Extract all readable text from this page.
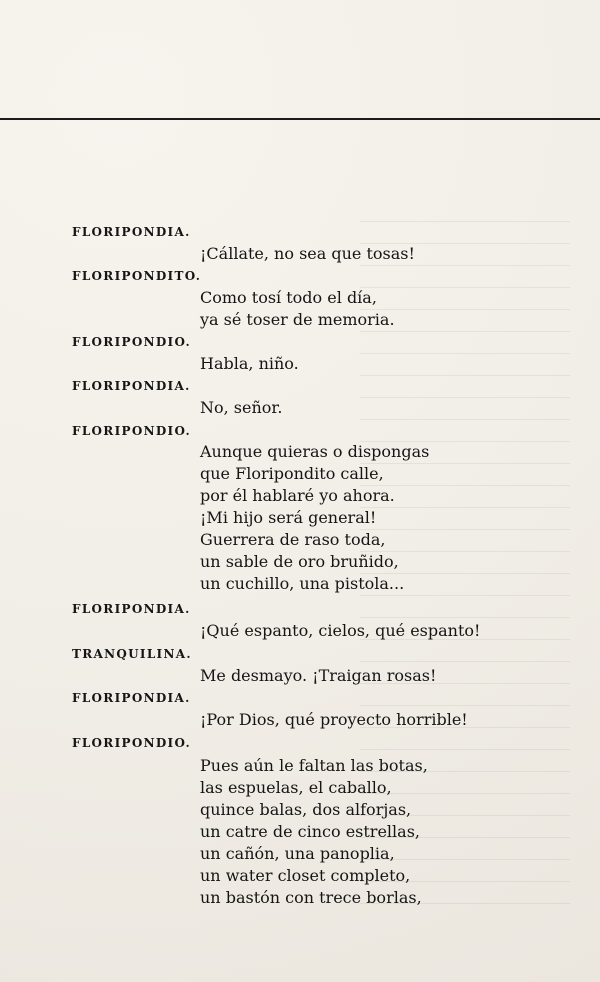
FLORIPONDIA.
¡Cállate, no sea que tosas!
FLORIPONDITO.
Como tosí todo el día,
ya sé toser de memoria.
FLORIPONDIO.
Habla, niño.
FLORIPONDIA.
No, señor.
FLORIPONDIO.
Aunque quieras o dispongas
que Floripondito calle,
por él hablaré yo ahora.
¡Mi hijo será general!
Guerrera de raso toda,
un sable de oro bruñido,
un cuchillo, una pistola...
FLORIPONDIA.
¡Qué espanto, cielos, qué espanto!
TRANQUILINA.
Me desmayo. ¡Traigan rosas!
FLORIPONDIA.
¡Por Dios, qué proyecto horrible!
FLORIPONDIO.
Pues aún le faltan las botas,
las espuelas, el caballo,
quince balas, dos alforjas,
un catre de cinco estrellas,
un cañón, una panoplia,
un water closet completo,
un bastón con trece borlas,
